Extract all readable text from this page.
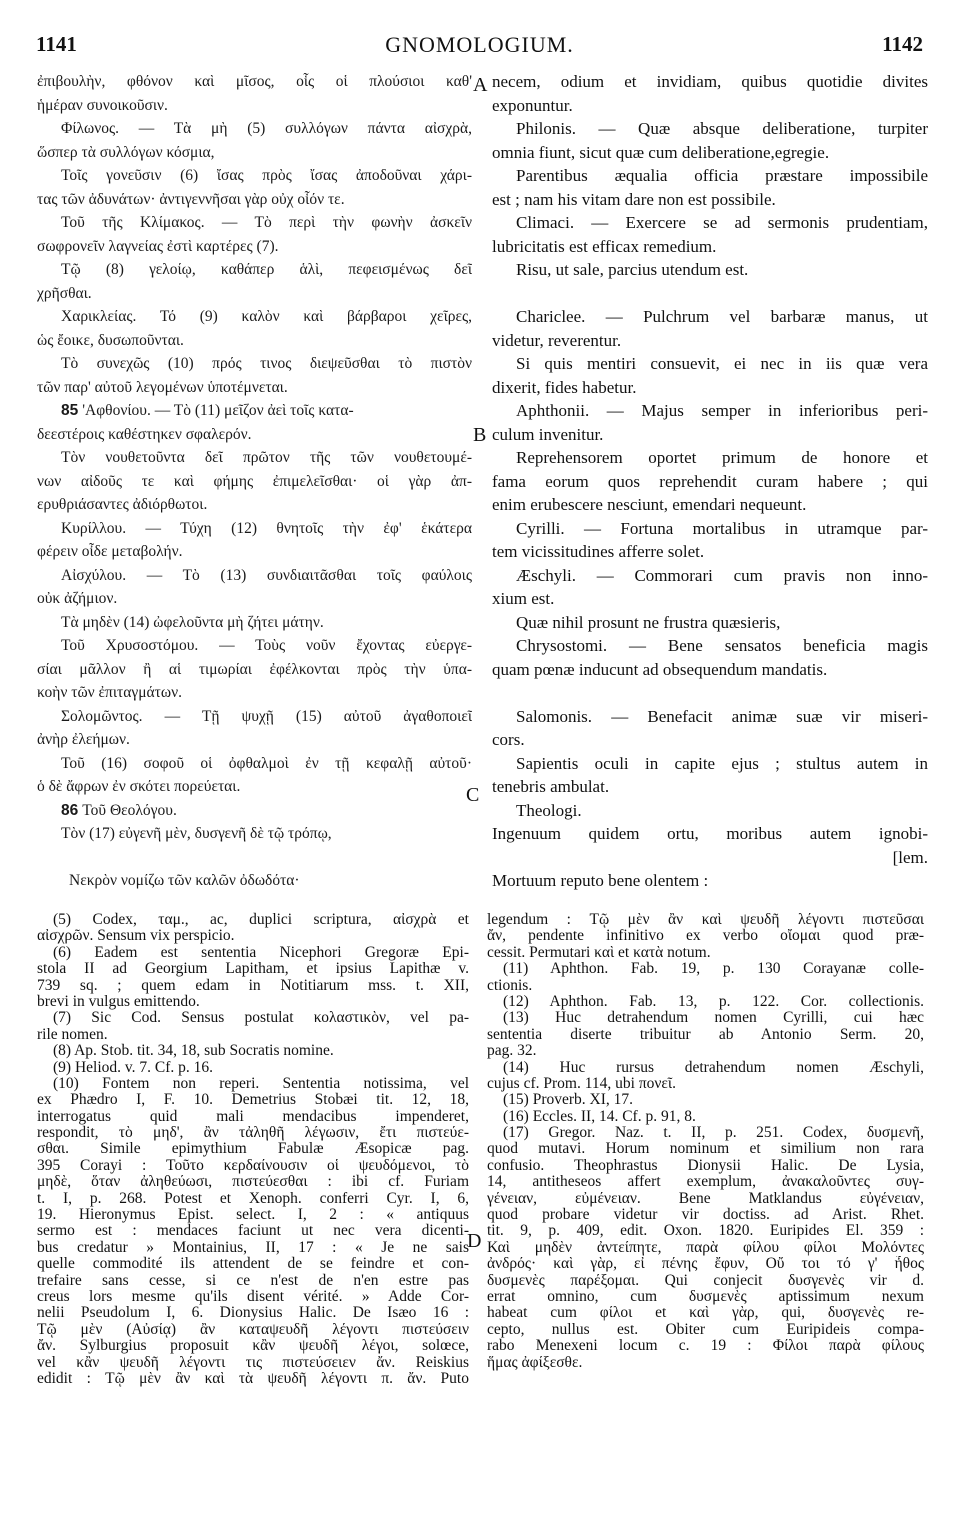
1141	GNOMOLOGIUM.	1142
A
B
C
D
ἐπιβουλὴν, φθόνον καὶ μῖσος, οἷς οἱ πλούσιοι καθ'
ἡμέραν συνοικοῦσιν.
Φίλωνος. — Τὰ μὴ (5) συλλόγων πάντα αἰσχρὰ,
ὥσπερ τὰ συλλόγων κόσμια,
Τοῖς γονεῦσιν (6) ἴσας πρὸς ἴσας ἀποδοῦναι χάρι-
τας τῶν ἀδυνάτων· ἀντιγεννῆσαι γὰρ οὐχ οἷόν τε.
Τοῦ τῆς Κλίμακος. — Τὸ περὶ τὴν φωνὴν ἀσκεῖν
σωφρονεῖν λαγνείας ἐστὶ καρτέρες (7).
Τῷ (8) γελοίῳ, καθάπερ ἁλὶ, πεφεισμένως δεῖ
χρῆσθαι.
Χαρικλείας. Τό (9) καλὸν καὶ βάρβαροι χεῖρες,
ὡς ἔοικε, δυσωποῦνται.
Τὸ συνεχῶς (10) πρός τινος διεψεῦσθαι τὸ πιστὸν
τῶν παρ' αὐτοῦ λεγομένων ὑποτέμνεται.
85 'Αφθονίου. — Τὸ (11) μεῖζον ἀεὶ τοῖς κατα-
δεεστέροις καθέστηκεν σφαλερόν.
Τὸν νουθετοῦντα δεῖ πρῶτον τῆς τῶν νουθετουμέ-
νων αἰδοῦς τε καὶ φήμης ἐπιμελεῖσθαι· οἱ γὰρ ἀπ-
ερυθριάσαντες ἀδιόρθωτοι.
Κυρίλλου. — Τύχη (12) θνητοῖς τὴν ἐφ' ἑκάτερα
φέρειν οἶδε μεταβολήν.
Αἰσχύλου. — Τὸ (13) συνδιαιτᾶσθαι τοῖς φαύλοις
οὐκ ἀζήμιον.
Τὰ μηδὲν (14) ὠφελοῦντα μὴ ζήτει μάτην.
Τοῦ Χρυσοστόμου. — Τοὺς νοῦν ἔχοντας εὐεργε-
σίαι μᾶλλον ἢ αἱ τιμωρίαι ἐφέλκονται πρὸς τὴν ὑπα-
κοὴν τῶν ἐπιταγμάτων.
Σολομῶντος. — Τῇ ψυχῇ (15) αὐτοῦ ἀγαθοποιεῖ
ἀνὴρ ἐλεήμων.
Τοῦ (16) σοφοῦ οἱ ὀφθαλμοὶ ἐν τῇ κεφαλῇ αὐτοῦ·
ὁ δὲ ἄφρων ἐν σκότει πορεύεται.
86 Τοῦ Θεολόγου.
Τὸν (17) εὐγενῆ μὲν, δυσγενῆ δὲ τῷ τρόπῳ,
Νεκρὸν νομίζω τῶν καλῶν ὀδωδότα·
necem, odium et invidiam, quibus quotidie divites
exponuntur.
Philonis. — Quæ absque deliberatione, turpiter
omnia fiunt, sicut quæ cum deliberatione,egregie.
Parentibus æqualia officia præstare impossibile
est ; nam his vitam dare non est possibile.
Climaci. — Exercere se ad sermonis prudentiam,
lubricitatis est efficax remedium.
Risu, ut sale, parcius utendum est.
Chariclee. — Pulchrum vel barbaræ manus, ut
videtur, reverentur.
Si quis mentiri consuevit, ei nec in iis quæ vera
dixerit, fides habetur.
Aphthonii. — Majus semper in inferioribus peri-
culum invenitur.
Reprehensorem oportet primum de honore et
fama eorum quos reprehendit curam habere ; qui
enim erubescere nesciunt, emendari nequeunt.
Cyrilli. — Fortuna mortalibus in utramque par-
tem vicissitudines afferre solet.
Æschyli. — Commorari cum pravis non inno-
xium est.
Quæ nihil prosunt ne frustra quæsieris,
Chrysostomi. — Bene sensatos beneficia magis
quam pœnæ inducunt ad obsequendum mandatis.
Salomonis. — Benefacit animæ suæ vir miseri-
cors.
Sapientis oculi in capite ejus ; stultus autem in
tenebris ambulat.
Theologi.
Ingenuum quidem ortu, moribus autem ignobi-
[lem.
Mortuum reputo bene olentem :
(5) Codex, ταμ., ac, duplici scriptura, αἰσχρὰ et
αἰσχρῶν. Sensum vix perspicio.
(6) Eadem est sententia Nicephori Gregoræ Epi-
stola II ad Georgium Lapitham, et ipsius Lapithæ v.
739 sq. ; quem edam in Notitiarum mss. t. XII,
brevi in vulgus emittendo.
(7) Sic Cod. Sensus postulat κολαστικὸν, vel pa-
rile nomen.
(8) Ap. Stob. tit. 34, 18, sub Socratis nomine.
(9) Heliod. v. 7. Cf. p. 16.
(10) Fontem non reperi. Sententia notissima, vel
ex Phædro I, F. 10. Demetrius Stobæi tit. 12, 18,
interrogatus quid mali mendacibus impenderet,
respondit, τὸ μηδ', ἂν τἀληθῆ λέγωσιν, ἔτι πιστεύε-
σθαι. Simile epimythium Fabulæ Æsopicæ pag.
395 Corayi : Τοῦτο κερδαίνουσιν οἱ ψευδόμενοι, τὸ
μηδὲ, ὅταν ἀληθεύωσι, πιστεύεσθαι : ibi cf. Furiam
t. I, p. 268. Potest et Xenoph. conferri Cyr. I, 6,
19. Hieronymus Epist. select. I, 2 : « antiquus
sermo est : mendaces faciunt ut nec vera dicenti-
bus credatur » Montainius, II, 17 : « Je ne sais
quelle commodité ils attendent de se feindre et con-
trefaire sans cesse, si ce n'est de n'en estre pas
creus lors mesme qu'ils disent vérité. » Adde Cor-
nelii Pseudolum I, 6. Dionysius Halic. De Isæo 16 :
Τῷ μὲν (Αὐσίᾳ) ἂν καταψευδῆ λέγοντι πιστεύσειν
ἄν. Sylburgius proposuit κἂν ψευδῆ λέγοι, solœce,
vel κἂν ψευδῆ λέγοντι τις πιστεύσειεν ἄν. Reiskius
edidit : Τῷ μὲν ἂν καὶ τὰ ψευδῆ λέγοντι π. ἄν. Puto
legendum : Τῷ μὲν ἂν καὶ ψευδῆ λέγοντι πιστεῦσαι
ἄν, pendente infinitivo ex verbo οἴομαι quod præ-
cessit. Permutari καὶ et κατὰ notum.
(11) Aphthon. Fab. 19, p. 130 Corayanæ colle-
ctionis.
(12) Aphthon. Fab. 13, p. 122. Cor. collectionis.
(13) Huc detrahendum nomen Cyrilli, cui hæc
sententia diserte tribuitur ab Antonio Serm. 20,
pag. 32.
(14) Huc rursus detrahendum nomen Æschyli,
cujus cf. Prom. 114, ubi πονεῖ.
(15) Proverb. XI, 17.
(16) Eccles. II, 14. Cf. p. 91, 8.
(17) Gregor. Naz. t. II, p. 251. Codex, δυσμενῆ,
quod mutavi. Horum nominum et similium non rara
confusio. Theophrastus Dionysii Halic. De Lysia,
14, antitheseos affert exemplum, ἀνακαλοῦντες συγ-
γένειαν, εὐμένειαν. Bene Matklandus εὐγένειαν,
quod probare videtur vir doctiss. ad Arist. Rhet.
tit. 9, p. 409, edit. Oxon. 1820. Euripides El. 359 :
Καὶ μηδὲν ἀντείπητε, παρὰ φίλου φίλοι Μολόντες
ἀνδρός· καὶ γὰρ, εἰ πένης ἔφυν, Οὔ τοι τό γ' ἦθος
δυσμενὲς παρέξομαι. Qui conjecit δυσγενὲς vir d.
errat omnino, cum δυσμενὲς aptissimum nexum
habeat cum φίλοι et καὶ γὰρ, qui, δυσγενὲς re-
cepto, nullus est. Obiter cum Euripideis compa-
rabo Menexeni locum c. 19 : Φίλοι παρὰ φίλους
ἥμας ἀφίξεσθε.
